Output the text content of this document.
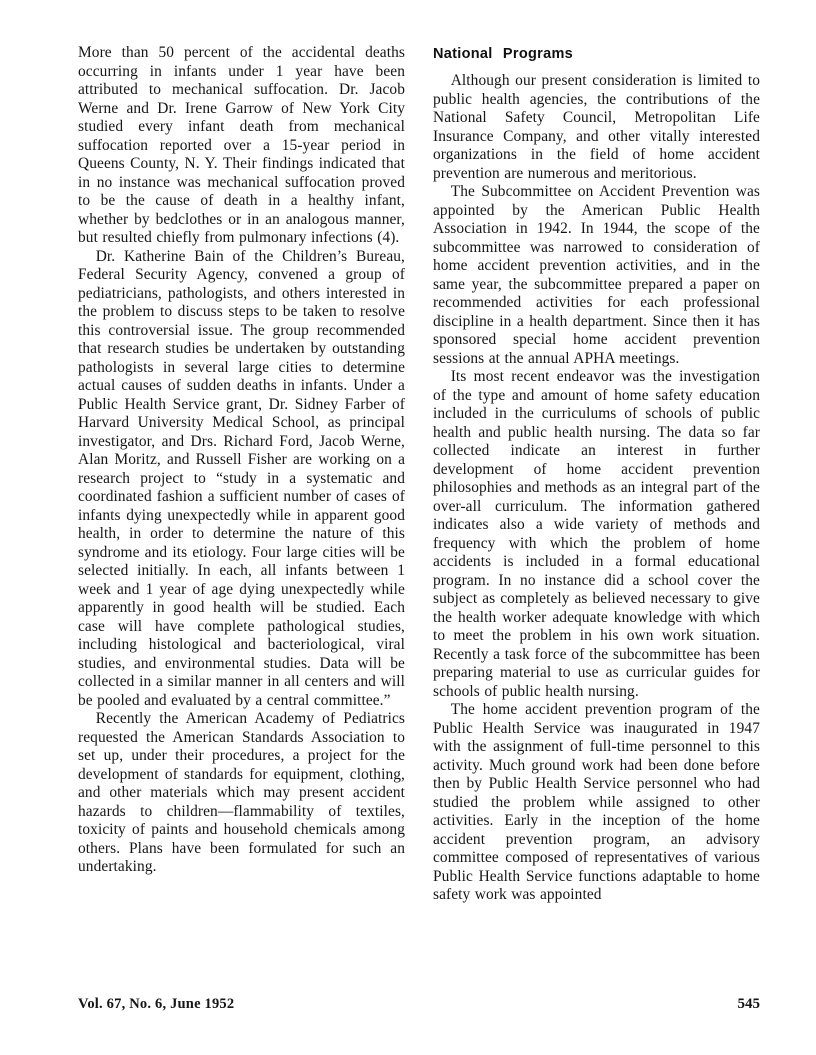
More than 50 percent of the accidental deaths occurring in infants under 1 year have been attributed to mechanical suffocation. Dr. Jacob Werne and Dr. Irene Garrow of New York City studied every infant death from mechanical suffocation reported over a 15-year period in Queens County, N. Y. Their findings indicated that in no instance was mechanical suffocation proved to be the cause of death in a healthy infant, whether by bedclothes or in an analogous manner, but resulted chiefly from pulmonary infections (4).

Dr. Katherine Bain of the Children’s Bureau, Federal Security Agency, convened a group of pediatricians, pathologists, and others interested in the problem to discuss steps to be taken to resolve this controversial issue. The group recommended that research studies be undertaken by outstanding pathologists in several large cities to determine actual causes of sudden deaths in infants. Under a Public Health Service grant, Dr. Sidney Farber of Harvard University Medical School, as principal investigator, and Drs. Richard Ford, Jacob Werne, Alan Moritz, and Russell Fisher are working on a research project to “study in a systematic and coordinated fashion a sufficient number of cases of infants dying unexpectedly while in apparent good health, in order to determine the nature of this syndrome and its etiology. Four large cities will be selected initially. In each, all infants between 1 week and 1 year of age dying unexpectedly while apparently in good health will be studied. Each case will have complete pathological studies, including histological and bacteriological, viral studies, and environmental studies. Data will be collected in a similar manner in all centers and will be pooled and evaluated by a central committee.”

Recently the American Academy of Pediatrics requested the American Standards Association to set up, under their procedures, a project for the development of standards for equipment, clothing, and other materials which may present accident hazards to children—flammability of textiles, toxicity of paints and household chemicals among others. Plans have been formulated for such an undertaking.

National Programs

Although our present consideration is limited to public health agencies, the contributions of the National Safety Council, Metropolitan Life Insurance Company, and other vitally interested organizations in the field of home accident prevention are numerous and meritorious.

The Subcommittee on Accident Prevention was appointed by the American Public Health Association in 1942. In 1944, the scope of the subcommittee was narrowed to consideration of home accident prevention activities, and in the same year, the subcommittee prepared a paper on recommended activities for each professional discipline in a health department. Since then it has sponsored special home accident prevention sessions at the annual APHA meetings.

Its most recent endeavor was the investigation of the type and amount of home safety education included in the curriculums of schools of public health and public health nursing. The data so far collected indicate an interest in further development of home accident prevention philosophies and methods as an integral part of the over-all curriculum. The information gathered indicates also a wide variety of methods and frequency with which the problem of home accidents is included in a formal educational program. In no instance did a school cover the subject as completely as believed necessary to give the health worker adequate knowledge with which to meet the problem in his own work situation. Recently a task force of the subcommittee has been preparing material to use as curricular guides for schools of public health nursing.

The home accident prevention program of the Public Health Service was inaugurated in 1947 with the assignment of full-time personnel to this activity. Much ground work had been done before then by Public Health Service personnel who had studied the problem while assigned to other activities. Early in the inception of the home accident prevention program, an advisory committee composed of representatives of various Public Health Service functions adaptable to home safety work was appointed

Vol. 67, No. 6, June 1952	545
